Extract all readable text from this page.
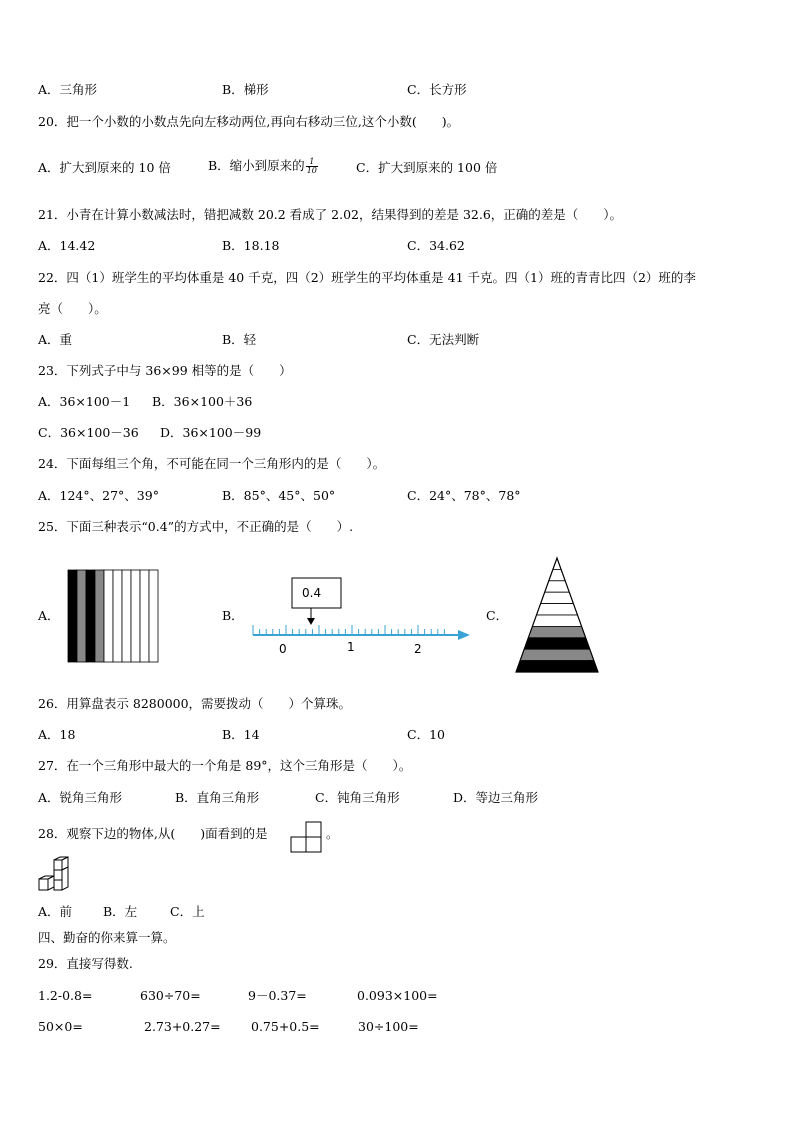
A．三角形	B．梯形	C．长方形
20．把一个小数的小数点先向左移动两位,再向右移动三位,这个小数(　　)。
A．扩大到原来的 10 倍	B．缩小到原来的 $\frac{1}{10}$	C．扩大到原来的 100 倍
21．小青在计算小数减法时，错把减数 20.2 看成了 2.02，结果得到的差是 32.6，正确的差是（　　）。
A．14.42	B．18.18	C．34.62
22．四（1）班学生的平均体重是 40 千克，四（2）班学生的平均体重是 41 千克。四（1）班的青青比四（2）班的李
亮（　　）。
A．重	B．轻	C．无法判断
23．下列式子中与 36×99 相等的是（　　）
A．36×100－1 B．36×100＋36
C．36×100－36 D．36×100－99
24．下面每组三个角，不可能在同一个三角形内的是（　　）。
A．124°、27°、39°	B．85°、45°、50°	C．24°、78°、78°
25．下面三种表示“0.4”的方式中，不正确的是（　　）.
A．	B．
0.4
0	1	2
C．
26．用算盘表示 8280000，需要拨动（　　）个算珠。
A．18	B．14	C．10
27．在一个三角形中最大的一个角是 89°，这个三角形是（　　）。
A．锐角三角形	B．直角三角形	C．钝角三角形	D．等边三角形
28．观察下边的物体,从(　　)面看到的是	。
A．前 B．左	C．上
四、勤奋的你来算一算。
29．直接写得数.
1.2-0.8=	630÷70=	9－0.37=	0.093×100=
50×0=	2.73+0.27= 0.75+0.5=	30÷100=
